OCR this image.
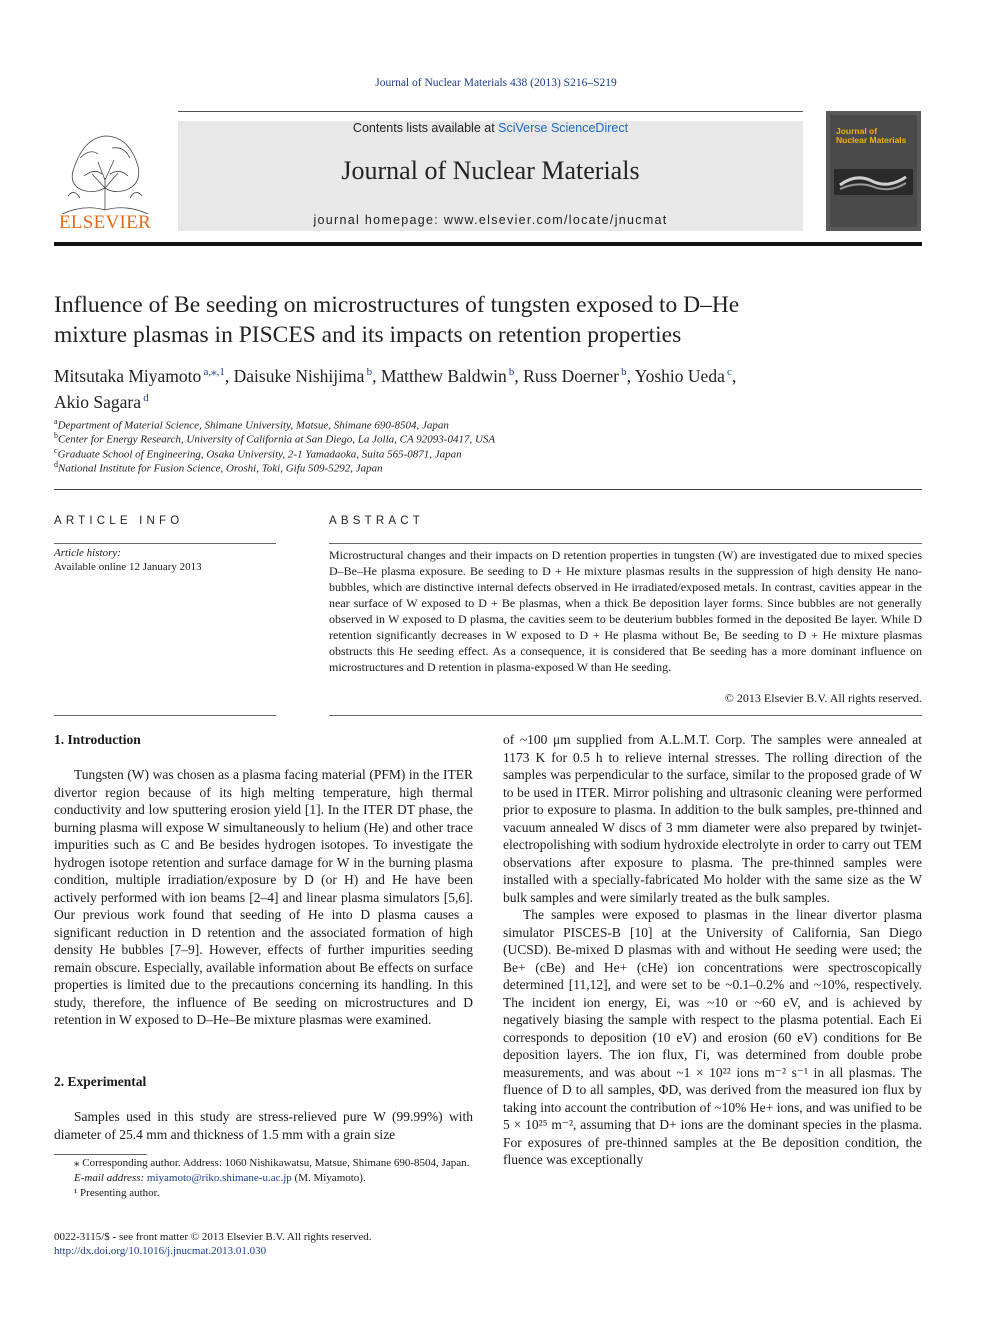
Journal of Nuclear Materials 438 (2013) S216–S219
ELSEVIER
Contents lists available at SciVerse ScienceDirect
Journal of Nuclear Materials
journal homepage: www.elsevier.com/locate/jnucmat
Journal of
Nuclear Materials
Influence of Be seeding on microstructures of tungsten exposed to D–He
mixture plasmas in PISCES and its impacts on retention properties
Mitsutaka Miyamoto  $^{a,⁎,1}$, Daisuke Nishijima  $^b$, Matthew Baldwin  $^b$, Russ Doerner  $^b$, Yoshio Ueda  $^c$,
Akio Sagara  $^d$
$^a$Department of Material Science, Shimane University, Matsue, Shimane 690-8504, Japan
$^b$Center for Energy Research, University of California at San Diego, La Jolla, CA 92093-0417, USA
$^c$Graduate School of Engineering, Osaka University, 2-1 Yamadaoka, Suita 565-0871, Japan
$^d$National Institute for Fusion Science, Oroshi, Toki, Gifu 509-5292, Japan
ARTICLE INFO
Article history:
Available online 12 January 2013
ABSTRACT
Microstructural changes and their impacts on D retention properties in tungsten (W) are investigated due to mixed species D–Be–He plasma exposure. Be seeding to D + He mixture plasmas results in the suppression of high density He nano-bubbles, which are distinctive internal defects observed in He irradiated/exposed metals. In contrast, cavities appear in the near surface of W exposed to D + Be plasmas, when a thick Be deposition layer forms. Since bubbles are not generally observed in W exposed to D plasma, the cavities seem to be deuterium bubbles formed in the deposited Be layer. While D retention significantly decreases in W exposed to D + He plasma without Be, Be seeding to D + He mixture plasmas obstructs this He seeding effect. As a consequence, it is considered that Be seeding has a more dominant influence on microstructures and D retention in plasma-exposed W than He seeding.
© 2013 Elsevier B.V. All rights reserved.
1. Introduction

Tungsten (W) was chosen as a plasma facing material (PFM) in the ITER divertor region because of its high melting temperature, high thermal conductivity and low sputtering erosion yield [1]. In the ITER DT phase, the burning plasma will expose W simultaneously to helium (He) and other trace impurities such as C and Be besides hydrogen isotopes. To investigate the hydrogen isotope retention and surface damage for W in the burning plasma condition, multiple irradiation/exposure by D (or H) and He have been actively performed with ion beams [2–4] and linear plasma simulators [5,6]. Our previous work found that seeding of He into D plasma causes a significant reduction in D retention and the associated formation of high density He bubbles [7–9]. However, effects of further impurities seeding remain obscure. Especially, available information about Be effects on surface properties is limited due to the precautions concerning its handling. In this study, therefore, the influence of Be seeding on microstructures and D retention in W exposed to D–He–Be mixture plasmas were examined.

2. Experimental

Samples used in this study are stress-relieved pure W (99.99%) with diameter of 25.4 mm and thickness of 1.5 mm with a grain size

of ~100 μm supplied from A.L.M.T. Corp. The samples were annealed at 1173 K for 0.5 h to relieve internal stresses. The rolling direction of the samples was perpendicular to the surface, similar to the proposed grade of W to be used in ITER. Mirror polishing and ultrasonic cleaning were performed prior to exposure to plasma. In addition to the bulk samples, pre-thinned and vacuum annealed W discs of 3 mm diameter were also prepared by twinjet-electropolishing with sodium hydroxide electrolyte in order to carry out TEM observations after exposure to plasma. The pre-thinned samples were installed with a specially-fabricated Mo holder with the same size as the W bulk samples and were similarly treated as the bulk samples.

The samples were exposed to plasmas in the linear divertor plasma simulator PISCES-B [10] at the University of California, San Diego (UCSD). Be-mixed D plasmas with and without He seeding were used; the Be+ (cBe) and He+ (cHe) ion concentrations were spectroscopically determined [11,12], and were set to be ~0.1–0.2% and ~10%, respectively. The incident ion energy, Ei, was ~10 or ~60 eV, and is achieved by negatively biasing the sample with respect to the plasma potential. Each Ei corresponds to deposition (10 eV) and erosion (60 eV) conditions for Be deposition layers. The ion flux, Γi, was determined from double probe measurements, and was about ~1 × 10²² ions m⁻² s⁻¹ in all plasmas. The fluence of D to all samples, ΦD, was derived from the measured ion flux by taking into account the contribution of ~10% He+ ions, and was unified to be 5 × 10²⁵ m⁻², assuming that D+ ions are the dominant species in the plasma. For exposures of pre-thinned samples at the Be deposition condition, the fluence was exceptionally

⁎ Corresponding author. Address: 1060 Nishikawatsu, Matsue, Shimane 690-8504, Japan.

E-mail address: miyamoto@riko.shimane-u.ac.jp (M. Miyamoto).

¹ Presenting author.

0022-3115/$ - see front matter © 2013 Elsevier B.V. All rights reserved.
http://dx.doi.org/10.1016/j.jnucmat.2013.01.030
